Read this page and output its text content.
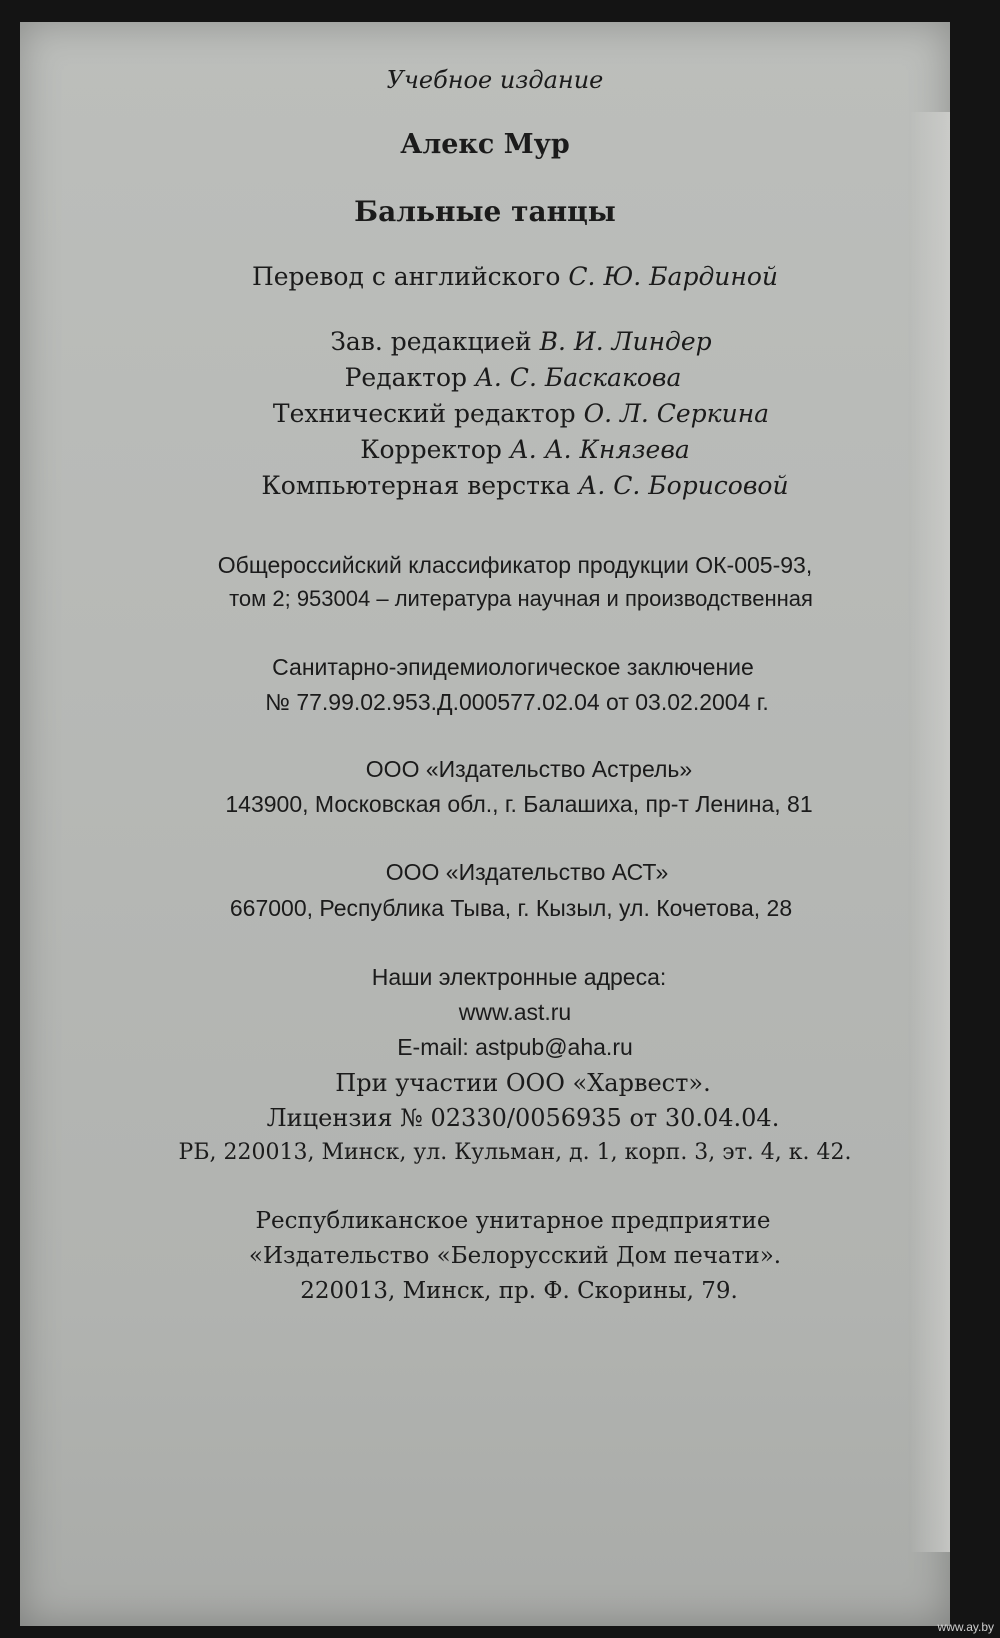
Учебное издание
Алекс Мур
Бальные танцы
Перевод с английского С. Ю. Бардиной
Зав. редакцией В. И. Линдер
Редактор А. С. Баскакова
Технический редактор О. Л. Серкина
Корректор А. А. Князева
Компьютерная верстка А. С. Борисовой
Общероссийский классификатор продукции ОК-005-93,
том 2; 953004 – литература научная и производственная
Санитарно-эпидемиологическое заключение
№ 77.99.02.953.Д.000577.02.04 от 03.02.2004 г.
ООО «Издательство Астрель»
143900, Московская обл., г. Балашиха, пр-т Ленина, 81
ООО «Издательство АСТ»
667000, Республика Тыва, г. Кызыл, ул. Кочетова, 28
Наши электронные адреса:
www.ast.ru
E-mail: astpub@aha.ru
При участии ООО «Харвест».
Лицензия № 02330/0056935 от 30.04.04.
РБ, 220013, Минск, ул. Кульман, д. 1, корп. 3, эт. 4, к. 42.
Республиканское унитарное предприятие
«Издательство «Белорусский Дом печати».
220013, Минск, пр. Ф. Скорины, 79.
www.ay.by
